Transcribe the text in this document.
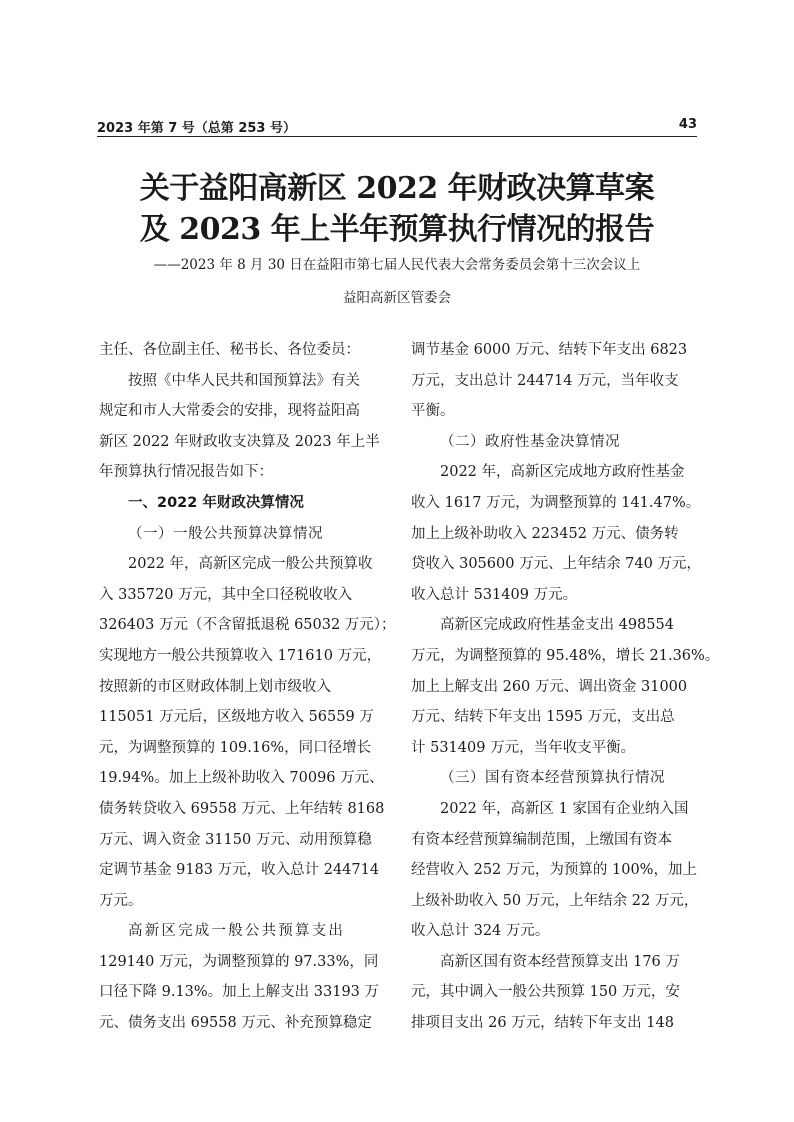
2023 年第 7 号（总第 253 号）	43
关于益阳高新区 2022 年财政决算草案
及 2023 年上半年预算执行情况的报告
——2023 年 8 月 30 日在益阳市第七届人民代表大会常务委员会第十三次会议上
益阳高新区管委会

主任、各位副主任、秘书长、各位委员：

按照《中华人民共和国预算法》有关
规定和市人大常委会的安排，现将益阳高
新区 2022 年财政收支决算及 2023 年上半
年预算执行情况报告如下：

一、2022 年财政决算情况

（一）一般公共预算决算情况

2022 年，高新区完成一般公共预算收
入 335720 万元，其中全口径税收收入
326403 万元（不含留抵退税 65032 万元）；
实现地方一般公共预算收入 171610 万元，
按照新的市区财政体制上划市级收入
115051 万元后，区级地方收入 56559 万
元，为调整预算的 109.16%，同口径增长
19.94%。加上上级补助收入 70096 万元、
债务转贷收入 69558 万元、上年结转 8168
万元、调入资金 31150 万元、动用预算稳
定调节基金 9183 万元，收入总计 244714
万元。

高新区完成一般公共预算支出
129140 万元，为调整预算的 97.33%，同
口径下降 9.13%。加上上解支出 33193 万
元、债务支出 69558 万元、补充预算稳定

调节基金 6000 万元、结转下年支出 6823
万元，支出总计 244714 万元，当年收支
平衡。

（二）政府性基金决算情况

2022 年，高新区完成地方政府性基金
收入 1617 万元，为调整预算的 141.47%。
加上上级补助收入 223452 万元、债务转
贷收入 305600 万元、上年结余 740 万元，
收入总计 531409 万元。

高新区完成政府性基金支出 498554
万元，为调整预算的 95.48%，增长 21.36%。
加上上解支出 260 万元、调出资金 31000
万元、结转下年支出 1595 万元，支出总
计 531409 万元，当年收支平衡。

（三）国有资本经营预算执行情况

2022 年，高新区 1 家国有企业纳入国
有资本经营预算编制范围，上缴国有资本
经营收入 252 万元，为预算的 100%，加上
上级补助收入 50 万元，上年结余 22 万元，
收入总计 324 万元。

高新区国有资本经营预算支出 176 万
元，其中调入一般公共预算 150 万元，安
排项目支出 26 万元，结转下年支出 148
